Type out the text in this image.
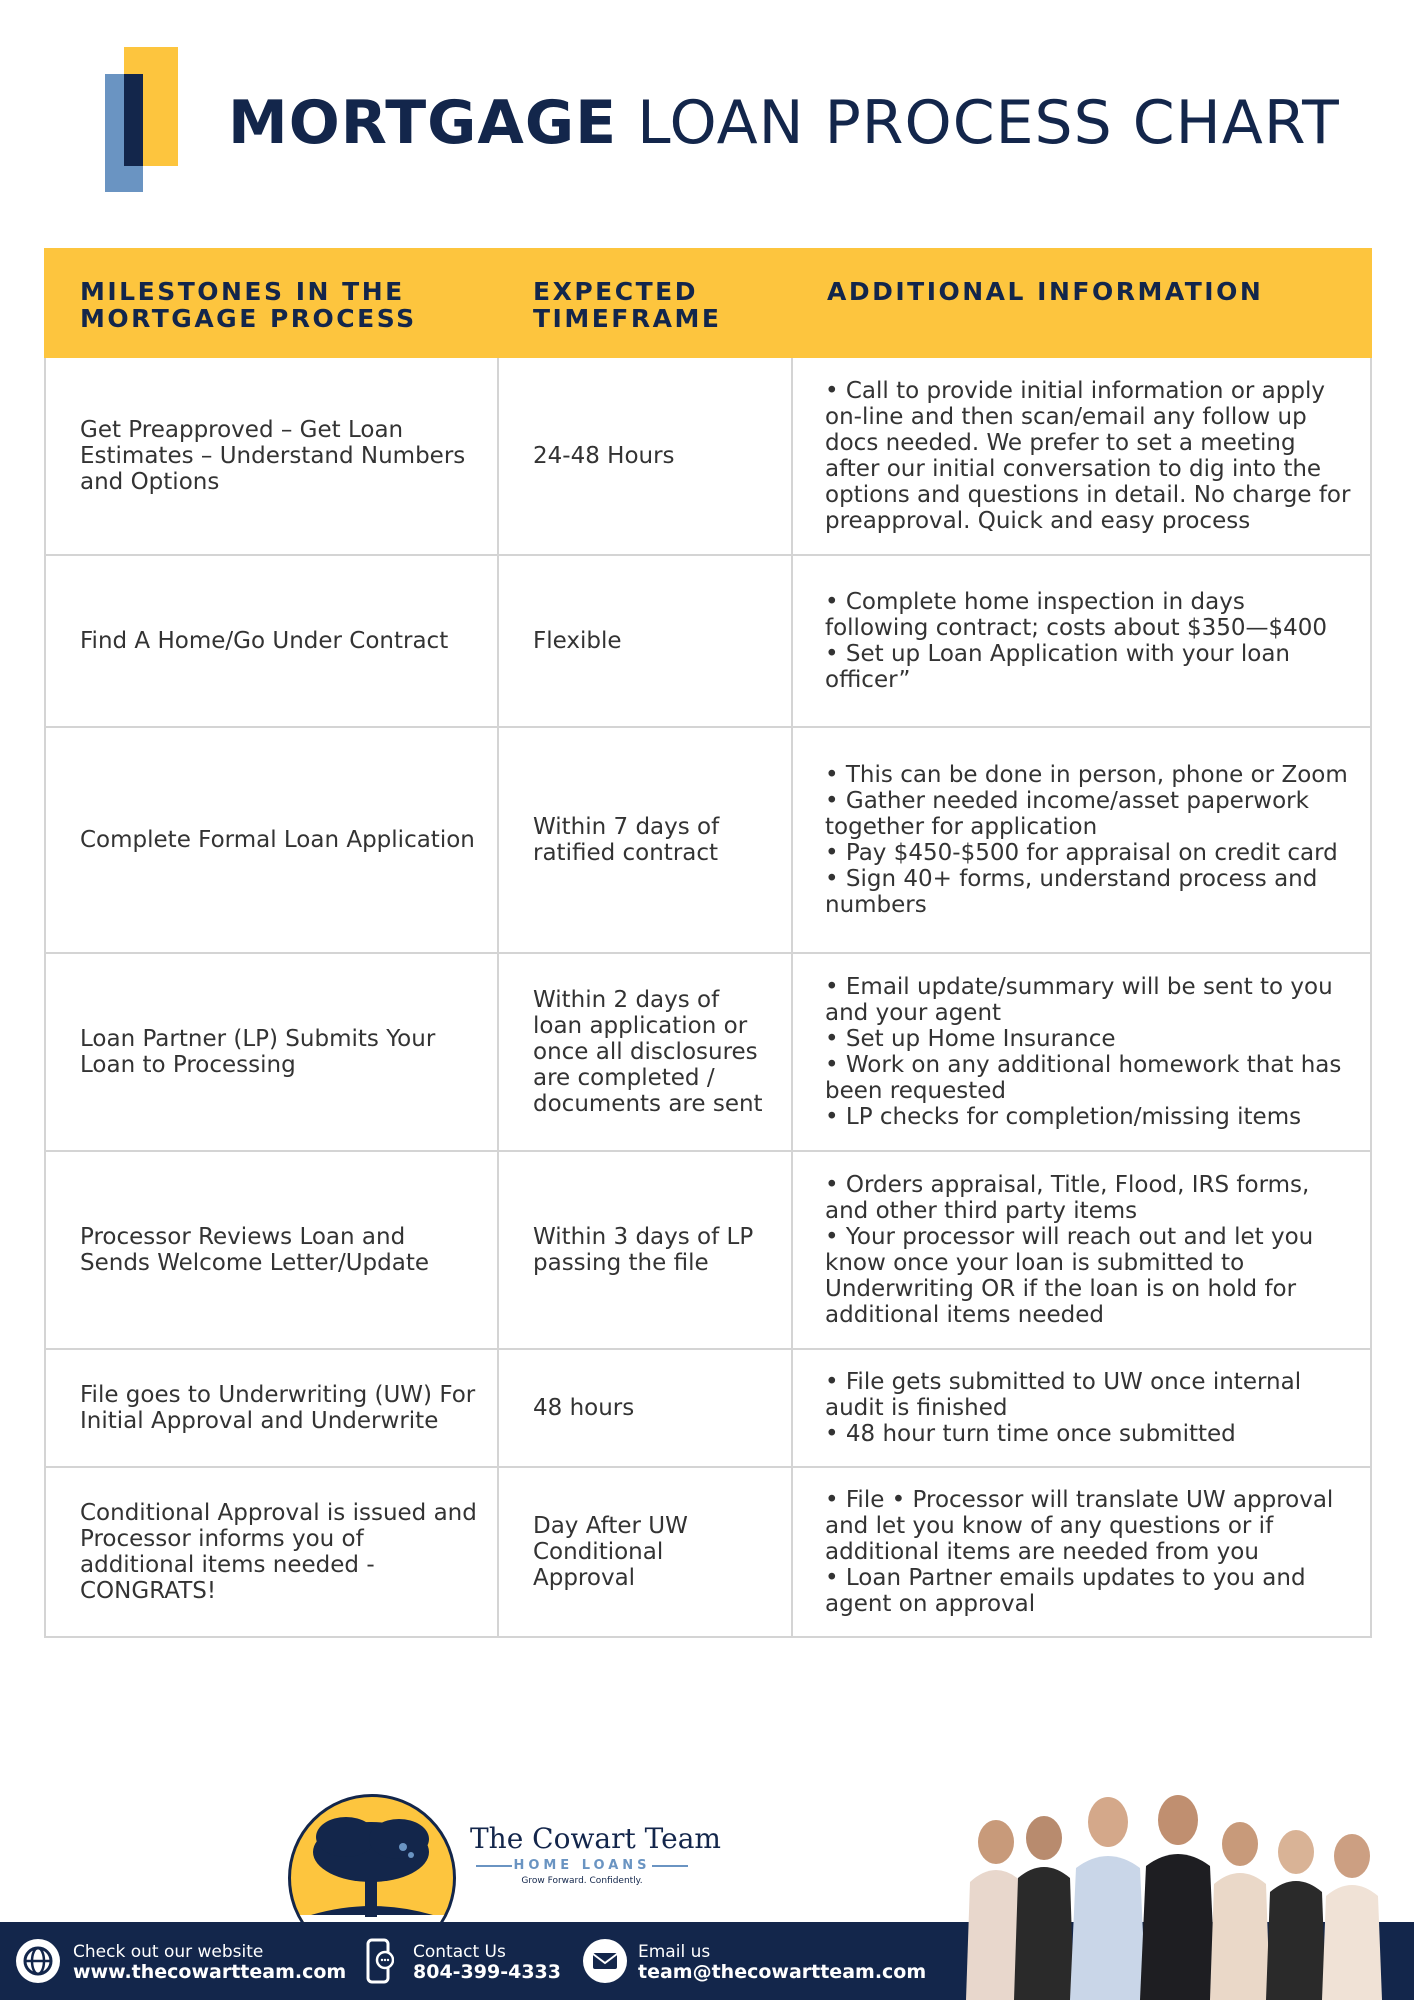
MORTGAGE LOAN PROCESS CHART
MILESTONES IN THE MORTGAGE PROCESS	EXPECTED TIMEFRAME	ADDITIONAL INFORMATION
Get Preapproved – Get Loan Estimates – Understand Numbers and Options	24-48 Hours	• Call to provide initial information or apply on-line and then scan/email any follow up docs needed. We prefer to set a meeting after our initial conversation to dig into the options and questions in detail. No charge for preapproval. Quick and easy process

Find A Home/Go Under Contract	Flexible	• Complete home inspection in days following contract; costs about $350—$400
• Set up Loan Application with your loan officer”

Complete Formal Loan Application	Within 7 days of ratified contract	• This can be done in person, phone or Zoom
• Gather needed income/asset paperwork together for application
• Pay $450-$500 for appraisal on credit card
• Sign 40+ forms, understand process and numbers

Loan Partner (LP) Submits Your Loan to Processing	Within 2 days of loan application or once all disclosures are completed / documents are sent	• Email update/summary will be sent to you and your agent
• Set up Home Insurance
• Work on any additional homework that has been requested
• LP checks for completion/missing items

Processor Reviews Loan and Sends Welcome Letter/Update	Within 3 days of LP passing the file	• Orders appraisal, Title, Flood, IRS forms, and other third party items
• Your processor will reach out and let you know once your loan is submitted to Underwriting OR if the loan is on hold for additional items needed

File goes to Underwriting (UW) For Initial Approval and Underwrite	48 hours	• File gets submitted to UW once internal audit is finished
• 48 hour turn time once submitted

Conditional Approval is issued and Processor informs you of additional items needed - CONGRATS!	Day After UW Conditional Approval	• File • Processor will translate UW approval and let you know of any questions or if additional items are needed from you
• Loan Partner emails updates to you and agent on approval
The Cowart Team
HOME LOANS
Grow Forward. Confidently.
Check out our website
www.thecowartteam.com
Contact Us
804-399-4333
Email us
team@thecowartteam.com
